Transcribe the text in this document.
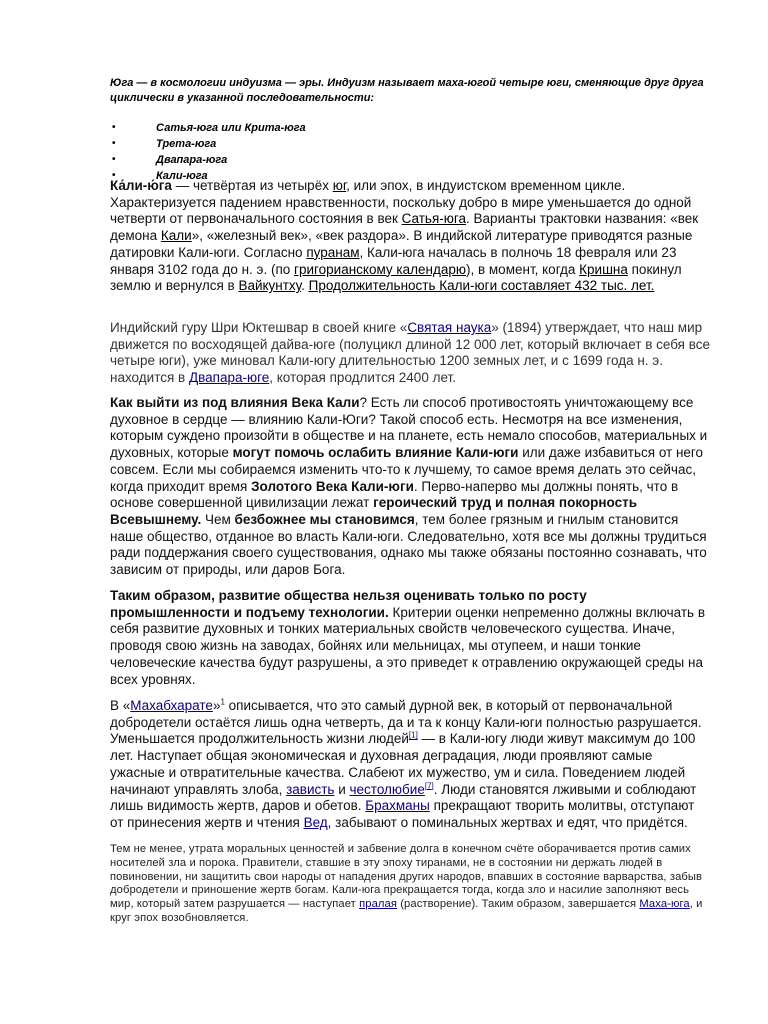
Юга — в космологии индуизма — эры. Индуизм называет маха-югой четыре юги, сменяющие друг друга циклически в указанной последовательности:
• Сатья-юга или Крита-юга
• Трета-юга
• Двапара-юга
• Кали-юга

Ка́ли-ю́га — четвёртая из четырёх юг, или эпох, в индуистском временном цикле. Характеризуется падением нравственности, поскольку добро в мире уменьшается до одной четверти от первоначального состояния в век Сатья-юга. Варианты трактовки названия: «век демона Кали», «железный век», «век раздора». В индийской литературе приводятся разные датировки Кали-юги. Согласно пуранам, Кали-юга началась в полночь 18 февраля или 23 января 3102 года до н. э. (по григорианскому календарю), в момент, когда Кришна покинул землю и вернулся в Вайкунтху. Продолжительность Кали-юги составляет 432 тыс. лет.

Индийский гуру Шри Юктешвар в своей книге «Святая наука» (1894) утверждает, что наш мир движется по восходящей дайва-юге (полуцикл длиной 12 000 лет, который включает в себя все четыре юги), уже миновал Кали-югу длительностью 1200 земных лет, и с 1699 года н. э. находится в Двапара-юге, которая продлится 2400 лет.

Как выйти из под влияния Века Кали? Есть ли способ противостоять уничтожающему все духовное в сердце — влиянию Кали-Юги? Такой способ есть. Несмотря на все изменения, которым суждено произойти в обществе и на планете, есть немало способов, материальных и духовных, которые могут помочь ослабить влияние Кали-юги или даже избавиться от него совсем. Если мы собираемся изменить что-то к лучшему, то самое время делать это сейчас, когда приходит время Золотого Века Кали-юги. Перво-наперво мы должны понять, что в основе совершенной цивилизации лежат героический труд и полная покорность Всевышнему. Чем безбожнее мы становимся, тем более грязным и гнилым становится наше общество, отданное во власть Кали-юги. Следовательно, хотя все мы должны трудиться ради поддержания своего существования, однако мы также обязаны постоянно сознавать, что зависим от природы, или даров Бога.

Таким образом, развитие общества нельзя оценивать только по росту промышленности и подъему технологии. Критерии оценки непременно должны включать в себя развитие духовных и тонких материальных свойств человеческого существа. Иначе, проводя свою жизнь на заводах, бойнях или мельницах, мы отупеем, и наши тонкие человеческие качества будут разрушены, а это приведет к отравлению окружающей среды на всех уровнях.

В «Махабхарате»$^1$ описывается, что это самый дурной век, в который от первоначальной добродетели остаётся лишь одна четверть, да и та к концу Кали-юги полностью разрушается. Уменьшается продолжительность жизни людей[1] — в Кали-югу люди живут максимум до 100 лет. Наступает общая экономическая и духовная деградация, люди проявляют самые ужасные и отвратительные качества. Слабеют их мужество, ум и сила. Поведением людей начинают управлять злоба, зависть и честолюбие[7]. Люди становятся лживыми и соблюдают лишь видимость жертв, даров и обетов. Брахманы прекращают творить молитвы, отступают от принесения жертв и чтения Вед, забывают о поминальных жертвах и едят, что придётся.

Тем не менее, утрата моральных ценностей и забвение долга в конечном счёте оборачивается против самих носителей зла и порока. Правители, ставшие в эту эпоху тиранами, не в состоянии ни держать людей в повиновении, ни защитить свои народы от нападения других народов, впавших в состояние варварства, забыв добродетели и приношение жертв богам. Кали-юга прекращается тогда, когда зло и насилие заполняют весь мир, который затем разрушается — наступает пралая (растворение). Таким образом, завершается Маха-юга, и круг эпох возобновляется.
